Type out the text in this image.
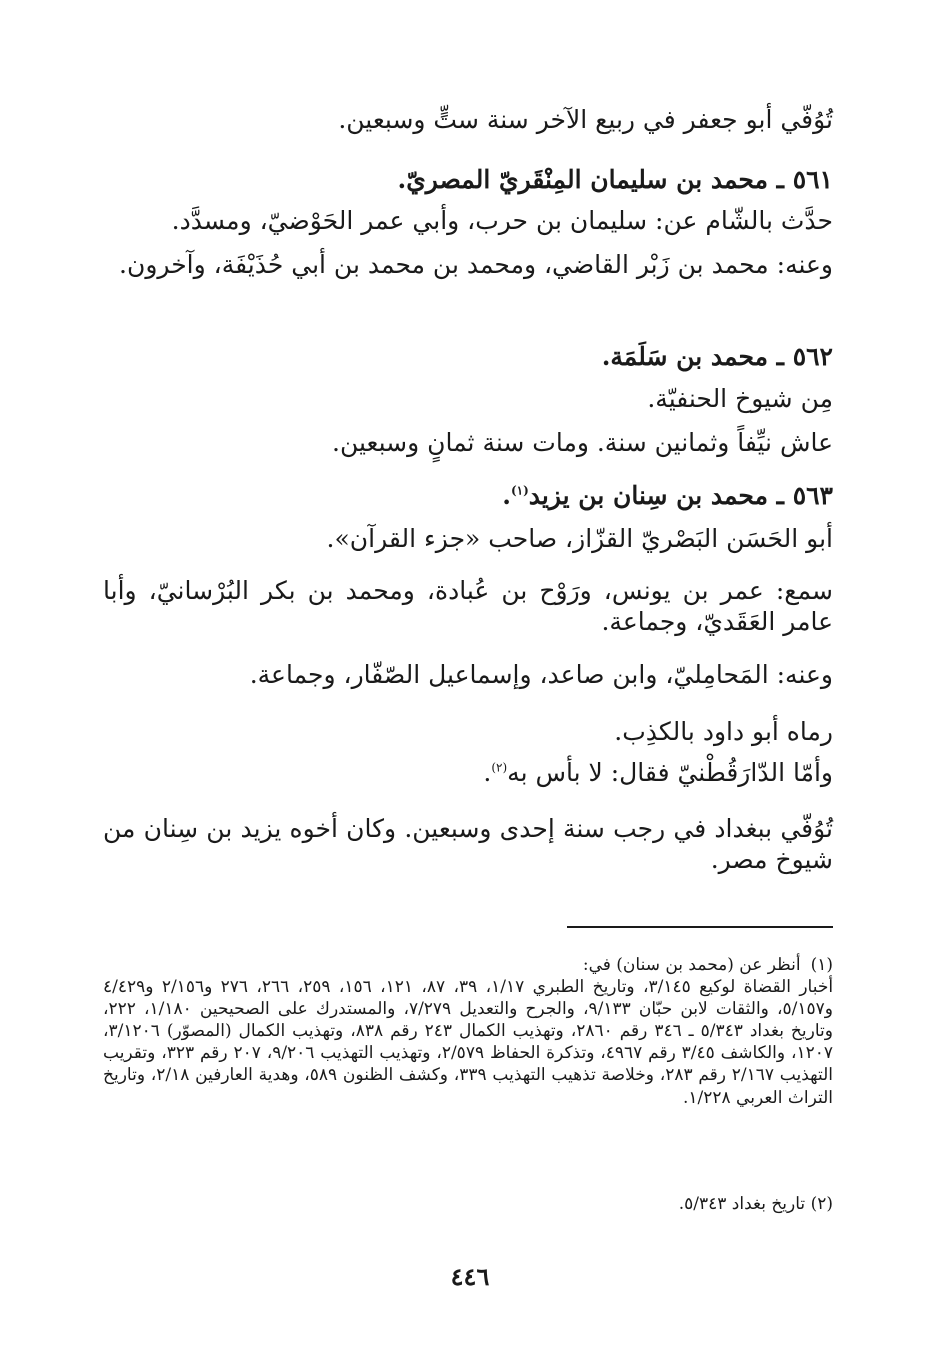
تُوُفّي أبو جعفر في ربيع الآخر سنة ستٍّ وسبعين.
٥٦١ ـ محمد بن سليمان المِنْقَريّ المصريّ.
حدَّث بالشّام عن: سليمان بن حرب، وأبي عمر الحَوْضيّ، ومسدَّد.
وعنه: محمد بن زَبْر القاضي، ومحمد بن محمد بن أبي حُذَيْفَة، وآخرون.
٥٦٢ ـ محمد بن سَلَمَة.
مِن شيوخ الحنفيّة.
عاش نيِّفاً وثمانين سنة. ومات سنة ثمانٍ وسبعين.
٥٦٣ ـ محمد بن سِنان بن يزيد$^{(١)}$.
أبو الحَسَن البَصْريّ القزّاز، صاحب «جزء القرآن».
سمع: عمر بن يونس، ورَوْح بن عُبادة، ومحمد بن بكر البُرْسانيّ، وأبا عامر العَقَديّ، وجماعة.
وعنه: المَحامِليّ، وابن صاعد، وإسماعيل الصّفّار، وجماعة.
رماه أبو داود بالكذِب.
وأمّا الدّارَقُطْنيّ فقال: لا بأس به$^{(٢)}$.
تُوُفّي ببغداد في رجب سنة إحدى وسبعين. وكان أخوه يزيد بن سِنان من شيوخ مصر.
(١)
أنظر عن (محمد بن سنان) في:
أخبار القضاة لوكيع ٣/١٤٥، وتاريخ الطبري ١/١٧، ٣٩، ٨٧، ١٢١، ١٥٦، ٢٥٩، ٢٦٦، ٢٧٦ و٢/١٥٦ و٤/٤٢٩ و٥/١٥٧، والثقات لابن حبّان ٩/١٣٣، والجرح والتعديل ٧/٢٧٩، والمستدرك على الصحيحين ١/١٨٠، ٢٢٢، وتاريخ بغداد ٥/٣٤٣ ـ ٣٤٦ رقم ٢٨٦٠، وتهذيب الكمال ٢٤٣ رقم ٨٣٨، وتهذيب الكمال (المصوّر) ٣/١٢٠٦، ١٢٠٧، والكاشف ٣/٤٥ رقم ٤٩٦٧، وتذكرة الحفاظ ٢/٥٧٩، وتهذيب التهذيب ٩/٢٠٦، ٢٠٧ رقم ٣٢٣، وتقريب التهذيب ٢/١٦٧ رقم ٢٨٣، وخلاصة تذهيب التهذيب ٣٣٩، وكشف الظنون ٥٨٩، وهدية العارفين ٢/١٨، وتاريخ التراث العربي ١/٢٢٨.
(٢) تاريخ بغداد ٥/٣٤٣.
٤٤٦
